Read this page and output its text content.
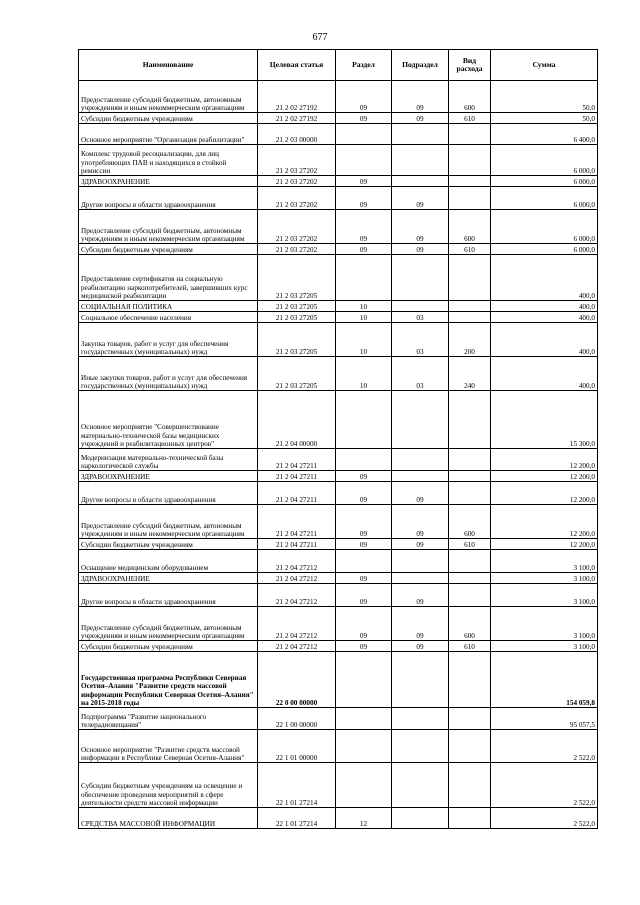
677
Наименование	Целевая статья	Раздел	Подраздел	Вид расхода	Сумма
Предоставление субсидий бюджетным, автономным учреждениям и иным некоммерческим организациям	21 2 02 27192	09	09	600	50,0
Субсидии бюджетным учреждениям	21 2 02 27192	09	09	610	50,0
Основное мероприятие "Организация реабилитации"	21 2 03 00000				6 400,0
Комплекс трудовой ресоциализации, для лиц употребляющих ПАВ и находящихся в стойкой ремиссии	21 2 03 27202				6 000,0
ЗДРАВООХРАНЕНИЕ	21 2 03 27202	09			6 000,0
Другие вопросы в области здравоохранения	21 2 03 27202	09	09		6 000,0
Предоставление субсидий бюджетным, автономным учреждениям и иным некоммерческим организациям	21 2 03 27202	09	09	600	6 000,0
Субсидии бюджетным учреждениям	21 2 03 27202	09	09	610	6 000,0
Предоставление сертификатов на социальную реабилитацию наркопотребителей, завершивших курс медицинской реабилитации	21 2 03 27205				400,0
СОЦИАЛЬНАЯ ПОЛИТИКА	21 2 03 27205	10			400,0
Социальное обеспечение населения	21 2 03 27205	10	03		400,0
Закупка товаров, работ и услуг для обеспечения государственных (муниципальных) нужд	21 2 03 27205	10	03	200	400,0
Иные закупки товаров, работ и услуг для обеспечения государственных (муниципальных) нужд	21 2 03 27205	10	03	240	400,0
Основное мероприятие "Совершенствование материально-технической базы медицинских учреждений и реабилитационных центров"	21 2 04 00000				15 300,0
Модернизация материально-технической базы наркологической службы	21 2 04 27211				12 200,0
ЗДРАВООХРАНЕНИЕ	21 2 04 27211	09			12 200,0
Другие вопросы в области здравоохранения	21 2 04 27211	09	09		12 200,0
Предоставление субсидий бюджетным, автономным учреждениям и иным некоммерческим организациям	21 2 04 27211	09	09	600	12 200,0
Субсидии бюджетным учреждениям	21 2 04 27211	09	09	610	12 200,0
Оснащение медицинским оборудованием	21 2 04 27212				3 100,0
ЗДРАВООХРАНЕНИЕ	21 2 04 27212	09			3 100,0
Другие вопросы в области здравоохранения	21 2 04 27212	09	09		3 100,0
Предоставление субсидий бюджетным, автономным учреждениям и иным некоммерческим организациям	21 2 04 27212	09	09	600	3 100,0
Субсидии бюджетным учреждениям	21 2 04 27212	09	09	610	3 100,0
Государственная программа Республики Северная Осетия–Алания "Развитие средств массовой информации Республики Северная Осетия–Алания" на 2015-2018 годы	22 0 00 00000				154 059,8
Подпрограмма "Развитие национального телерадиовещания"	22 1 00 00000				95 057,5
Основное мероприятие "Развитие средств массовой информации в Республике Северная Осетия-Алания"	22 1 01 00000				2 522,0
Субсидии бюджетным учреждениям на освещение и обеспечение проведения мероприятий в сфере деятельности средств массовой информации	22 1 01 27214				2 522,0
СРЕДСТВА МАССОВОЙ ИНФОРМАЦИИ	22 1 01 27214	12			2 522,0
